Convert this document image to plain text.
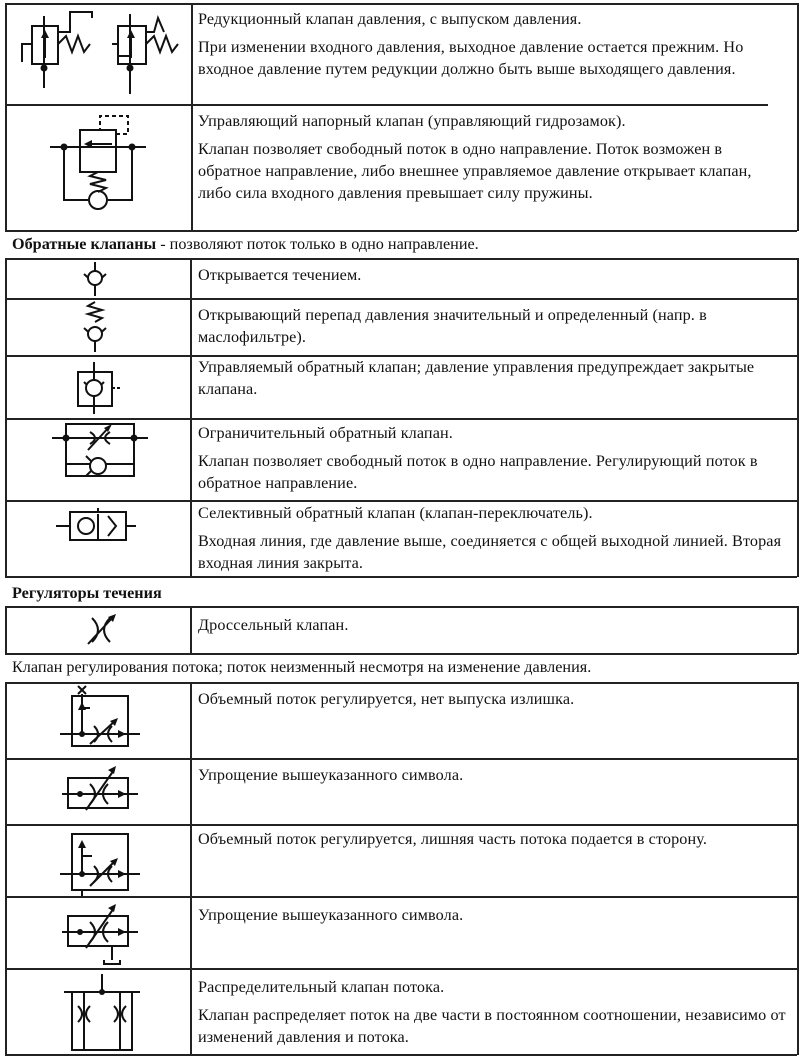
Редукционный клапан давления, с выпуском давления.

При изменении входного давления, выходное давление остается прежним. Но входное давление путем редукции должно быть выше выходящего давления.

Управляющий напорный клапан (управляющий гидрозамок).

Клапан позволяет свободный поток в одно направление. Поток возможен в обратное направление, либо внешнее управляемое давление открывает клапан, либо сила входного давления превышает силу пружины.

Обратные клапаны - позволяют поток только в одно направление.

Открывается течением.

Открывающий перепад давления значительный и определенный (напр. в маслофильтре).

Управляемый обратный клапан; давление управления предупреждает закрытые клапана.

Ограничительный обратный клапан.

Клапан позволяет свободный поток в одно направление. Регулирующий поток в обратное направление.

Селективный обратный клапан (клапан-переключатель).

Входная линия, где давление выше, соединяется с общей выходной линией. Вторая входная линия закрыта.

Регуляторы течения

Дроссельный клапан.

Клапан регулирования потока; поток неизменный несмотря на изменение давления.

Объемный поток регулируется, нет выпуска излишка.

Упрощение вышеуказанного символа.

Объемный поток регулируется, лишняя часть потока подается в сторону.

Упрощение вышеуказанного символа.

Распределительный клапан потока.

Клапан распределяет поток на две части в постоянном соотношении, независимо от изменений давления и потока.
